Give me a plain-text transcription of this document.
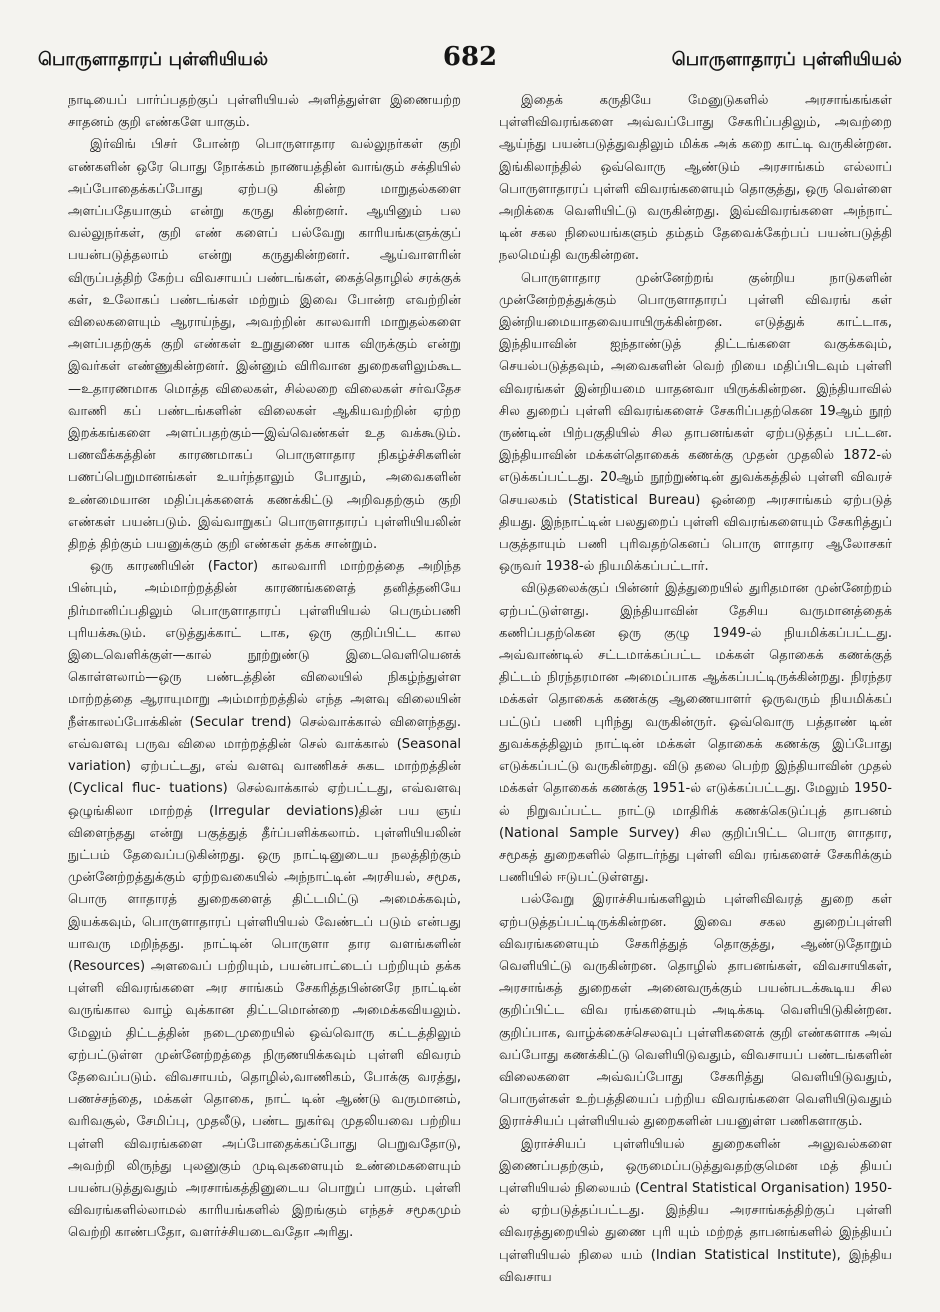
பொருளாதாரப் புள்ளியியல்	682	பொருளாதாரப் புள்ளியியல்

நாடியைப் பார்ப்பதற்குப் புள்ளியியல் அளித்துள்ள இணையற்ற சாதனம் குறி எண்களே யாகும்.

இர்விங் பிசர் போன்ற பொருளாதார வல்லுநர்கள் குறி எண்களின் ஒரே பொது நோக்கம் நாணயத்தின் வாங்கும் சக்தியில் அப்போதைக்கப்போது ஏற்படு கின்ற மாறுதல்களை அளப்பதேயாகும் என்று கருது கின்றனர். ஆயினும் பல வல்லுநர்கள், குறி எண் களைப் பல்வேறு காரியங்களுக்குப் பயன்படுத்தலாம் என்று கருதுகின்றனர். ஆய்வாளரின் விருப்பத்திற் கேற்ப விவசாயப் பண்டங்கள், கைத்தொழில் சரக்குக் கள், உலோகப் பண்டங்கள் மற்றும் இவை போன்ற எவற்றின் விலைகளையும் ஆராய்ந்து, அவற்றின் காலவாரி மாறுதல்களை அளப்பதற்குக் குறி எண்கள் உறுதுணை யாக விருக்கும் என்று இவர்கள் எண்ணுகின்றனர். இன்னும் விரிவான துறைகளிலும்கூட—உதாரணமாக மொத்த விலைகள், சில்லறை விலைகள் சர்வதேச வாணி கப் பண்டங்களின் விலைகள் ஆகியவற்றின் ஏற்ற இறக்கங்களை அளப்பதற்கும்—இவ்வெண்கள் உத வக்கூடும். பணவீக்கத்தின் காரணமாகப் பொருளாதார நிகழ்ச்சிகளின் பணப்பெறுமானங்கள் உயர்ந்தாலும் போதும், அவைகளின் உண்மையான மதிப்புக்களைக் கணக்கிட்டு அறிவதற்கும் குறி எண்கள் பயன்படும். இவ்வாறுகப் பொருளாதாரப் புள்ளியியலின் திறத் திற்கும் பயனுக்கும் குறி எண்கள் தக்க சான்றும்.

ஒரு காரணியின் (Factor) காலவாரி மாற்றத்தை அறிந்த பின்பும், அம்மாற்றத்தின் காரணங்களைத் தனித்தனியே நிர்மானிப்பதிலும் பொருளாதாரப் புள்ளியியல் பெரும்பணி புரியக்கூடும். எடுத்துக்காட் டாக, ஒரு குறிப்பிட்ட கால இடைவெளிக்குள்—கால் நூற்றுண்டு இடைவெளியெனக் கொள்ளலாம்—ஒரு பண்டத்தின் விலையில் நிகழ்ந்துள்ள மாற்றத்தை ஆராயுமாறு அம்மாற்றத்தில் எந்த அளவு விலையின் நீள்காலப்போக்கின் (Secular trend) செல்வாக்கால் விளைந்தது. எவ்வளவு பருவ விலை மாற்றத்தின் செல் வாக்கால் (Seasonal variation) ஏற்பட்டது, எவ் வளவு வாணிகச் சுகட மாற்றத்தின் (Cyclical fluc- tuations) செல்வாக்கால் ஏற்பட்டது, எவ்வளவு ஒழுங்கிலா மாற்றத் (Irregular deviations)தின் பய ஞய் விளைந்தது என்று பகுத்துத் தீர்ப்பளிக்கலாம். புள்ளியியலின் நுட்பம் தேவைப்படுகின்றது. ஒரு நாட்டினுடைய நலத்திற்கும் முன்னேற்றத்துக்கும் ஏற்றவகையில் அந்நாட்டின் அரசியல், சமூக, பொரு ளாதாரத் துறைகளைத் திட்டமிட்டு அமைக்கவும், இயக்கவும், பொருளாதாரப் புள்ளியியல் வேண்டப் படும் என்பது யாவரு மறிந்தது. நாட்டின் பொருளா தார வளங்களின் (Resources) அளவைப் பற்றியும், பயன்பாட்டைப் பற்றியும் தக்க புள்ளி விவரங்களை அர சாங்கம் சேகரித்தபின்னரே நாட்டின் வருங்கால வாழ் வுக்கான திட்டமொன்றை அமைக்கவியலும். மேலும் திட்டத்தின் நடைமுறையில் ஒவ்வொரு கட்டத்திலும் ஏற்பட்டுள்ள முன்னேற்றத்தை நிருணயிக்கவும் புள்ளி விவரம் தேவைப்படும். விவசாயம், தொழில்,வாணிகம், போக்கு வரத்து, பணச்சந்தை, மக்கள் தொகை, நாட் டின் ஆண்டு வருமானம், வரிவசூல், சேமிப்பு, முதலீடு, பண்ட நுகர்வு முதலியவை பற்றிய புள்ளி விவரங்களை அப்போதைக்கப்போது பெறுவதோடு, அவற்றி லிருந்து புலனுகும் முடிவுகளையும் உண்மைகளையும் பயன்படுத்துவதும் அரசாங்கத்தினுடைய பொறுப் பாகும். புள்ளி விவரங்களில்லாமல் காரியங்களில் இறங்கும் எந்தச் சமூகமும் வெற்றி காண்பதோ, வளர்ச்சியடைவதோ அரிது.

இதைக் கருதியே மேனுடுகளில் அரசாங்கங்கள் புள்ளிவிவரங்களை அவ்வப்போது சேகரிப்பதிலும், அவற்றை ஆய்ந்து பயன்படுத்துவதிலும் மிக்க அக் கறை காட்டி வருகின்றன. இங்கிலாந்தில் ஒவ்வொரு ஆண்டும் அரசாங்கம் எல்லாப் பொருளாதாரப் புள்ளி விவரங்களையும் தொகுத்து, ஒரு வெள்ளை அறிக்கை வெளியிட்டு வருகின்றது. இவ்விவரங்களை அந்நாட் டின் சகல நிலையங்களும் தம்தம் தேவைக்கேற்பப் பயன்படுத்தி நலமெய்தி வருகின்றன.

பொருளாதார முன்னேற்றங் குன்றிய நாடுகளின் முன்னேற்றத்துக்கும் பொருளாதாரப் புள்ளி விவரங் கள் இன்றியமையாதவையாயிருக்கின்றன. எடுத்துக் காட்டாக, இந்தியாவின் ஐந்தாண்டுத் திட்டங்களை வகுக்கவும், செயல்படுத்தவும், அவைகளின் வெற் றியை மதிப்பிடவும் புள்ளி விவரங்கள் இன்றியமை யாதனவா யிருக்கின்றன. இந்தியாவில் சில துறைப் புள்ளி விவரங்களைச் சேகரிப்பதற்கென 19ஆம் நூற் ருண்டின் பிற்பகுதியில் சில தாபனங்கள் ஏற்படுத்தப் பட்டன. இந்தியாவின் மக்கள்தொகைக் கணக்கு முதன் முதலில் 1872-ல் எடுக்கப்பட்டது. 20ஆம் நூற்றுண்டின் துவக்கத்தில் புள்ளி விவரச் செயலகம் (Statistical Bureau) ஒன்றை அரசாங்கம் ஏற்படுத் தியது. இந்நாட்டின் பலதுறைப் புள்ளி விவரங்களையும் சேகரித்துப் பகுத்தாயும் பணி புரிவதற்கெனப் பொரு ளாதார ஆலோசகர் ஒருவர் 1938-ல் நியமிக்கப்பட்டார்.

விடுதலைக்குப் பின்னர் இத்துறையில் துரிதமான முன்னேற்றம் ஏற்பட்டுள்ளது. இந்தியாவின் தேசிய வருமானத்தைக் கணிப்பதற்கென ஒரு குழு 1949-ல் நியமிக்கப்பட்டது. அவ்வாண்டில் சட்டமாக்கப்பட்ட மக்கள் தொகைக் கணக்குத் திட்டம் நிரந்தரமான அமைப்பாக ஆக்கப்பட்டிருக்கின்றது. நிரந்தர மக்கள் தொகைக் கணக்கு ஆணையாளர் ஒருவரும் நியமிக்கப் பட்டுப் பணி புரிந்து வருகின்ருர். ஒவ்வொரு பத்தாண் டின் துவக்கத்திலும் நாட்டின் மக்கள் தொகைக் கணக்கு இப்போது எடுக்கப்பட்டு வருகின்றது. விடு தலை பெற்ற இந்தியாவின் முதல் மக்கள் தொகைக் கணக்கு 1951-ல் எடுக்கப்பட்டது. மேலும் 1950-ல் நிறுவப்பட்ட நாட்டு மாதிரிக் கணக்கெடுப்புத் தாபனம் (National Sample Survey) சில குறிப்பிட்ட பொரு ளாதார, சமூகத் துறைகளில் தொடர்ந்து புள்ளி விவ ரங்களைச் சேகரிக்கும் பணியில் ஈடுபட்டுள்ளது.

பல்வேறு இராச்சியங்களிலும் புள்ளிவிவரத் துறை கள் ஏற்படுத்தப்பட்டிருக்கின்றன. இவை சகல துறைப்புள்ளி விவரங்களையும் சேகரித்துத் தொகுத்து, ஆண்டுதோறும் வெளியிட்டு வருகின்றன. தொழில் தாபனங்கள், விவசாயிகள், அரசாங்கத் துறைகள் அனைவருக்கும் பயன்படக்கூடிய சில குறிப்பிட்ட விவ ரங்களையும் அடிக்கடி வெளியிடுகின்றன. குறிப்பாக, வாழ்க்கைச்செலவுப் புள்ளிகளைக் குறி எண்களாக அவ் வப்போது கணக்கிட்டு வெளியிடுவதும், விவசாயப் பண்டங்களின் விலைகளை அவ்வப்போது சேகரித்து வெளியிடுவதும், பொருள்கள் உற்பத்தியைப் பற்றிய விவரங்களை வெளியிடுவதும் இராச்சியப் புள்ளியியல் துறைகளின் பயனுள்ள பணிகளாகும்.

இராச்சியப் புள்ளியியல் துறைகளின் அலுவல்களை இணைப்பதற்கும், ஒருமைப்படுத்துவதற்குமென மத் தியப் புள்ளியியல் நிலையம் (Central Statistical Organisation) 1950-ல் ஏற்படுத்தப்பட்டது. இந்திய அரசாங்கத்திற்குப் புள்ளி விவரத்துறையில் துணை புரி யும் மற்றத் தாபனங்களில் இந்தியப் புள்ளியியல் நிலை யம் (Indian Statistical Institute), இந்திய விவசாய
